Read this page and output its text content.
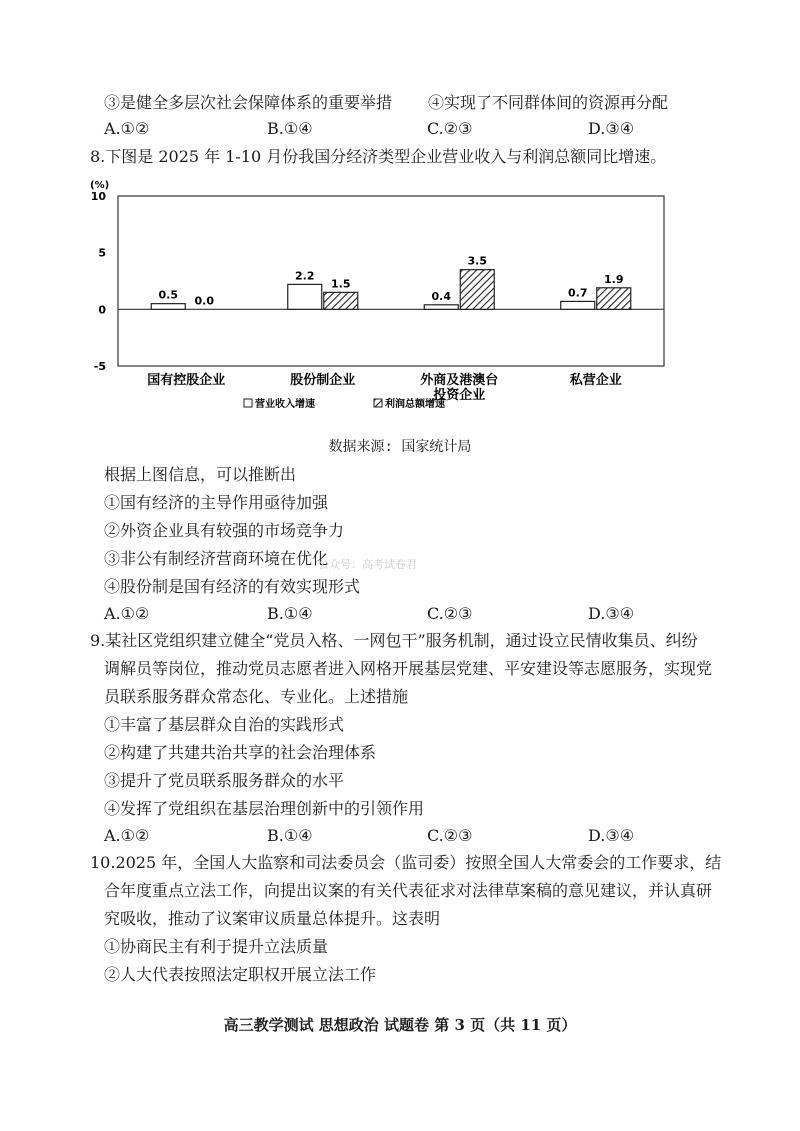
③是健全多层次社会保障体系的重要举措 ④实现了不同群体间的资源再分配
A.①②	B.①④	C.②③	D.③④
8.下图是 2025 年 1-10 月份我国分经济类型企业营业收入与利润总额同比增速。
(%)
10
5
0
-5
0.5 0.0
2.2
1.5
0.4
3.5
0.7
1.9
国有控股企业	股份制企业	外商及港澳台
投资企业
私营企业
营业收入增速	利润总额增速
数据来源: 国家统计局
根据上图信息，可以推断出
①国有经济的主导作用亟待加强
②外资企业具有较强的市场竞争力
③非公有制经济营商环境在优化
公众号：高考试卷君
④股份制是国有经济的有效实现形式
A.①②	B.①④	C.②③	D.③④
9.某社区党组织建立健全“党员入格、一网包干”服务机制，通过设立民情收集员、纠纷
调解员等岗位，推动党员志愿者进入网格开展基层党建、平安建设等志愿服务，实现党
员联系服务群众常态化、专业化。上述措施
①丰富了基层群众自治的实践形式
②构建了共建共治共享的社会治理体系
③提升了党员联系服务群众的水平
④发挥了党组织在基层治理创新中的引领作用
A.①②	B.①④	C.②③	D.③④
10.2025 年，全国人大监察和司法委员会（监司委）按照全国人大常委会的工作要求，结
合年度重点立法工作，向提出议案的有关代表征求对法律草案稿的意见建议，并认真研
究吸收，推动了议案审议质量总体提升。这表明
①协商民主有利于提升立法质量
②人大代表按照法定职权开展立法工作
高三教学测试 思想政治 试题卷 第 3 页（共 11 页）
